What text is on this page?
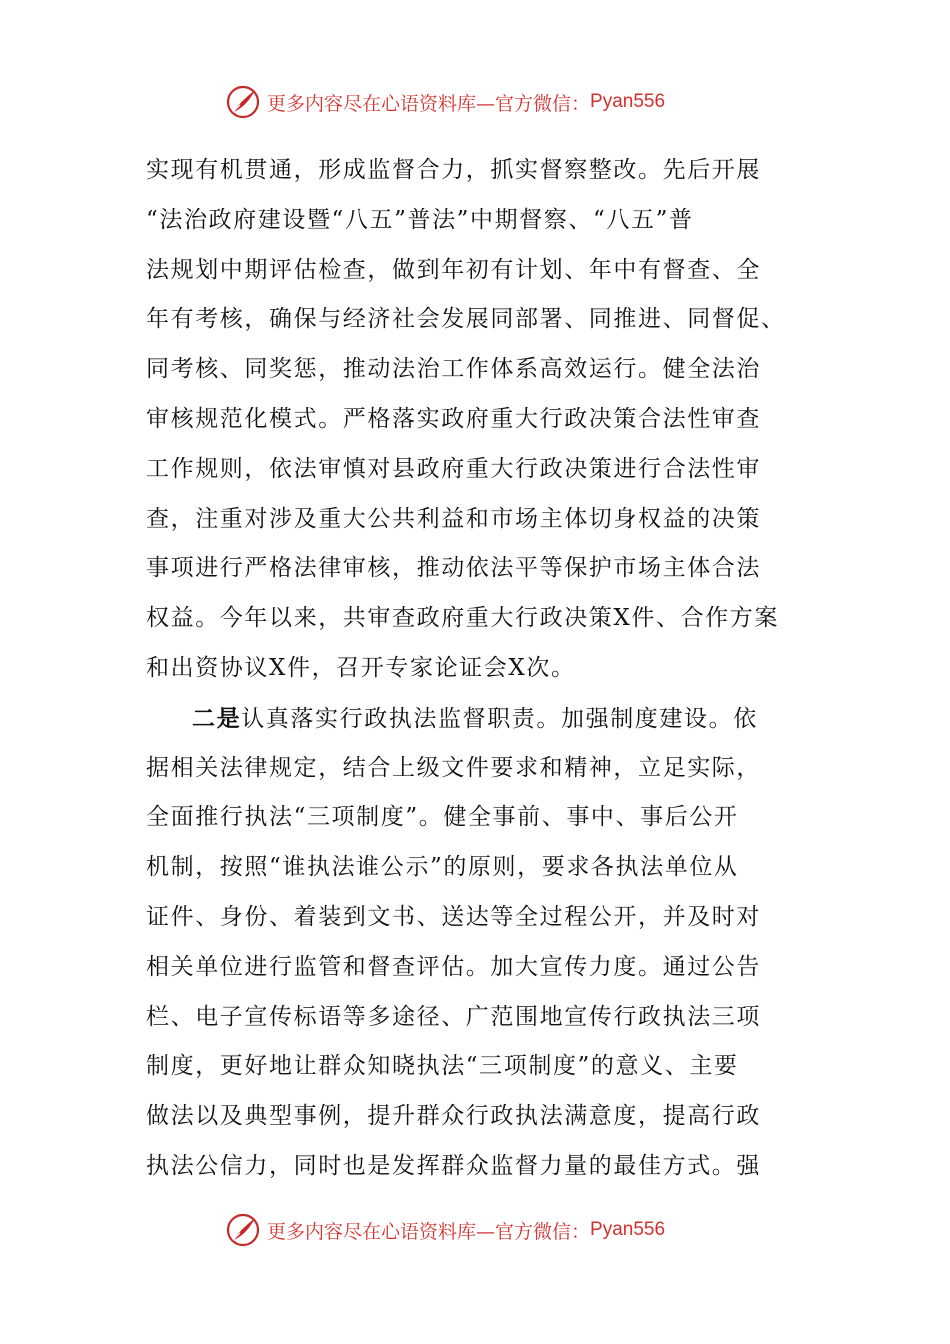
更多内容尽在心语资料库 —官方微信： Pyan556
实现有机贯通，形成监督合力，抓实督察整改。先后开展
“法治政府建设暨“八五”普法”中期督察、“八五”普
法规划中期评估检查，做到年初有计划、年中有督查、全
年有考核，确保与经济社会发展同部署、同推进、同督促、
同考核、同奖惩，推动法治工作体系高效运行。健全法治
审核规范化模式。严格落实政府重大行政决策合法性审查
工作规则，依法审慎对县政府重大行政决策进行合法性审
查，注重对涉及重大公共利益和市场主体切身权益的决策
事项进行严格法律审核，推动依法平等保护市场主体合法
权益。今年以来，共审查政府重大行政决策X件、合作方案
和出资协议X件，召开专家论证会X次。
二是认真落实行政执法监督职责。加强制度建设。依
据相关法律规定，结合上级文件要求和精神，立足实际，
全面推行执法“三项制度”。健全事前、事中、事后公开
机制，按照“谁执法谁公示”的原则，要求各执法单位从
证件、身份、着装到文书、送达等全过程公开，并及时对
相关单位进行监管和督查评估。加大宣传力度。通过公告
栏、电子宣传标语等多途径、广范围地宣传行政执法三项
制度，更好地让群众知晓执法“三项制度”的意义、主要
做法以及典型事例，提升群众行政执法满意度，提高行政
执法公信力，同时也是发挥群众监督力量的最佳方式。强
更多内容尽在心语资料库 —官方微信： Pyan556
